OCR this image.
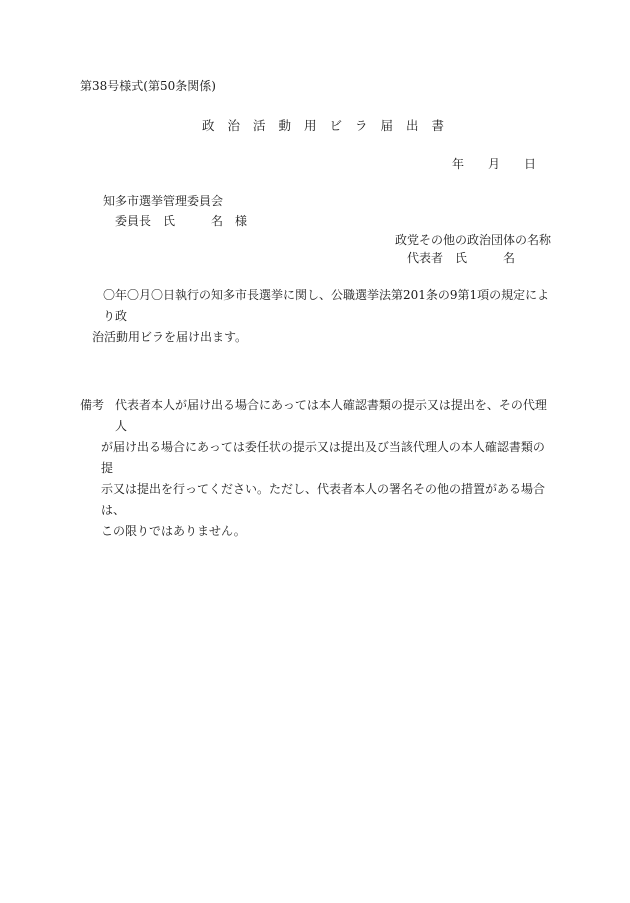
第38号様式(第50条関係)
政治活動用ビラ届出書
年 月 日
知多市選挙管理委員会
委員長　氏　　　名　様
政党その他の政治団体の名称
代表者　氏　　　名
〇年〇月〇日執行の知多市長選挙に関し、公職選挙法第201条の9第1項の規定により政
治活動用ビラを届け出ます。
備考 代表者本人が届け出る場合にあっては本人確認書類の提示又は提出を、その代理人
が届け出る場合にあっては委任状の提示又は提出及び当該代理人の本人確認書類の提
示又は提出を行ってください。ただし、代表者本人の署名その他の措置がある場合は、
この限りではありません。
